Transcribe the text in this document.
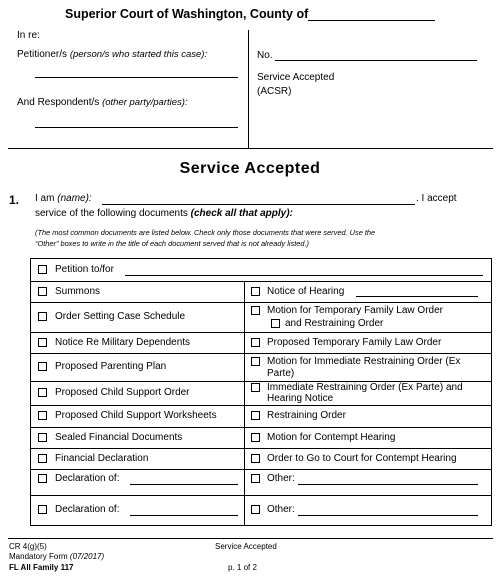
Superior Court of Washington, County of
In re:
Petitioner/s (person/s who started this case):
And Respondent/s (other party/parties):
No.
Service Accepted
(ACSR)
Service Accepted
1. I am (name):	. I accept
service of the following documents (check all that apply):
(The most common documents are listed below. Check only those documents that were served. Use the
“Other” boxes to write in the title of each document served that is not already listed.)
Petition to/for
Summons
Order Setting Case Schedule
Notice Re Military Dependents
Proposed Parenting Plan
Proposed Child Support Order
Proposed Child Support Worksheets
Sealed Financial Documents
Financial Declaration
Declaration of:
Declaration of:
Notice of Hearing
Motion for Temporary Family Law Order
and Restraining Order
Proposed Temporary Family Law Order
Motion for Immediate Restraining Order (Ex
Parte)
Immediate Restraining Order (Ex Parte) and
Hearing Notice
Restraining Order
Motion for Contempt Hearing
Order to Go to Court for Contempt Hearing
Other:
Other:
CR 4(g)(5)
Mandatory Form (07/2017)
FL All Family 117
Service Accepted
p. 1 of 2
